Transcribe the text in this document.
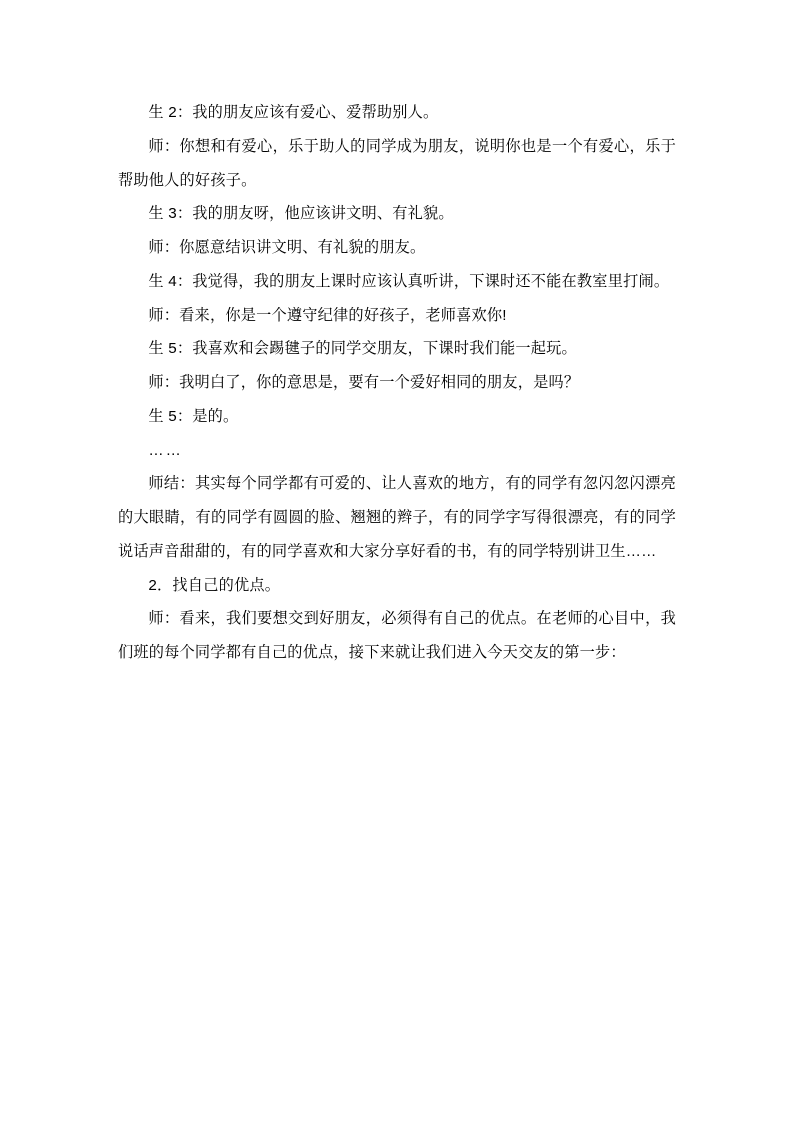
生 2：我的朋友应该有爱心、爱帮助别人。

师：你想和有爱心，乐于助人的同学成为朋友，说明你也是一个有爱心，乐于帮助他人的好孩子。

生 3：我的朋友呀，他应该讲文明、有礼貌。

师：你愿意结识讲文明、有礼貌的朋友。

生 4：我觉得，我的朋友上课时应该认真听讲，下课时还不能在教室里打闹。

师：看来，你是一个遵守纪律的好孩子，老师喜欢你!

生 5：我喜欢和会踢毽子的同学交朋友，下课时我们能一起玩。

师：我明白了，你的意思是，要有一个爱好相同的朋友，是吗？

生 5：是的。

……

师结：其实每个同学都有可爱的、让人喜欢的地方，有的同学有忽闪忽闪漂亮的大眼睛，有的同学有圆圆的脸、翘翘的辫子，有的同学字写得很漂亮，有的同学说话声音甜甜的，有的同学喜欢和大家分享好看的书，有的同学特别讲卫生……

2．找自己的优点。

师：看来，我们要想交到好朋友，必须得有自己的优点。在老师的心目中，我们班的每个同学都有自己的优点，接下来就让我们进入今天交友的第一步：
